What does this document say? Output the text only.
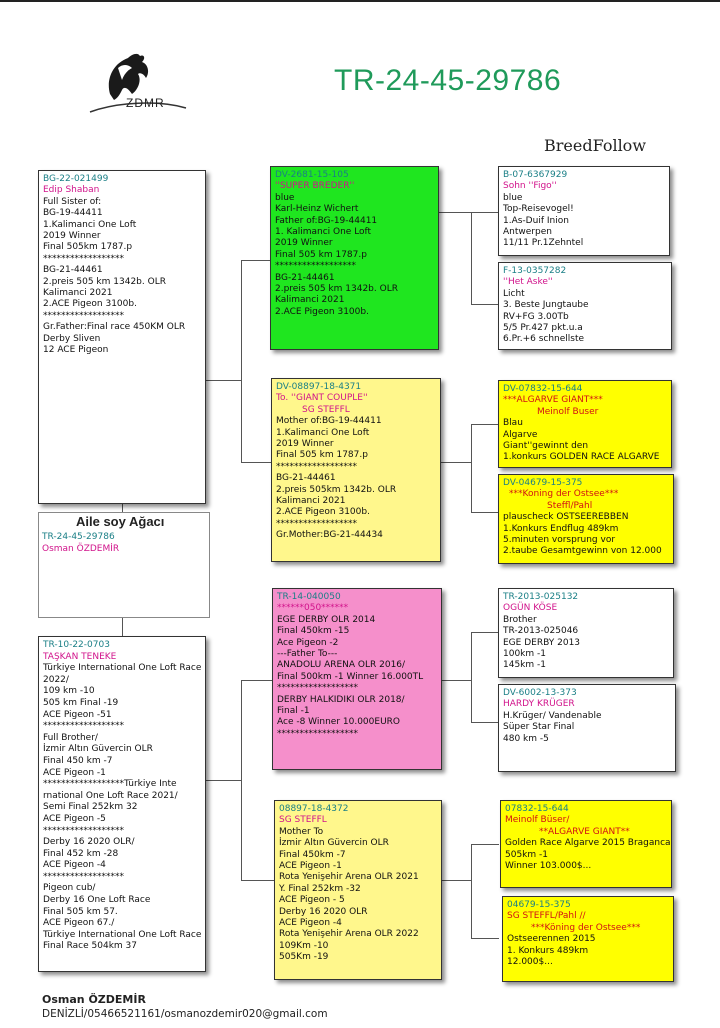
ZDMR
TR-24-45-29786
BreedFollow
BG-22-021499
Edip Shaban
Full Sister of:
BG-19-44411
1.Kalimanci One Loft
2019 Winner
Final 505km 1787.p
******************
BG-21-44461
2.preis 505 km 1342b. OLR
Kalimanci 2021
2.ACE Pigeon 3100b.
******************
Gr.Father:Final race 450KM OLR
Derby Sliven
12 ACE Pigeon
Aile soy Ağacı
TR-24-45-29786
Osman ÖZDEMİR
TR-10-22-0703
TAŞKAN TENEKE
Türkiye International One Loft Race
2022/
109 km -10
505 km Final -19
ACE Pigeon -51
******************
Full Brother/
İzmir Altın Güvercin OLR
Final 450 km -7
ACE Pigeon -1
******************Türkiye Inte
rnational One Loft Race 2021/
Semi Final 252km 32
ACE Pigeon -5
******************
Derby 16 2020 OLR/
Final 452 km -28
ACE Pigeon -4
******************
Pigeon cub/
Derby 16 One Loft Race
Final 505 km 57.
ACE Pigeon 67./
Türkiye International One Loft Race
Final Race 504km 37
DV-2681-15-105
''SUPER BREDER''
blue
Karl-Heinz Wichert
Father of:BG-19-44411
1. Kalimanci One Loft
2019 Winner
Final 505 km 1787.p
******************
BG-21-44461
2.preis 505 km 1342b. OLR
Kalimanci 2021
2.ACE Pigeon 3100b.
DV-08897-18-4371
To. ''GIANT COUPLE''
SG STEFFL
Mother of:BG-19-44411
1.Kalimanci One Loft
2019 Winner
Final 505 km 1787.p
******************
BG-21-44461
2.preis 505km 1342b. OLR
Kalimanci 2021
2.ACE Pigeon 3100b.
******************
Gr.Mother:BG-21-44434
TR-14-040050
******050******
EGE DERBY OLR 2014
Final 450km -15
Ace Pigeon -2
---Father To---
ANADOLU ARENA OLR 2016/
Final 500km -1 Winner 16.000TL
******************
DERBY HALKIDIKI OLR 2018/
Final -1
Ace -8 Winner 10.000EURO
******************
08897-18-4372
SG STEFFL
Mother To
İzmir Altın Güvercin OLR
Final 450km -7
ACE Pigeon -1
Rota Yenişehir Arena OLR 2021
Y. Final 252km -32
ACE Pigeon - 5
Derby 16 2020 OLR
ACE Pigeon -4
Rota Yenişehir Arena OLR 2022
109Km -10
505Km -19
B-07-6367929
Sohn ''Figo''
blue
Top-Reisevogel!
1.As-Duif Inion
Antwerpen
11/11 Pr.1Zehntel
F-13-0357282
''Het Aske''
Licht
3. Beste Jungtaube
RV+FG 3.00Tb
5/5 Pr.427 pkt.u.a
6.Pr.+6 schnellste
DV-07832-15-644
***ALGARVE GIANT***
Meinolf Buser
Blau
Algarve
Giant''gewinnt den
1.konkurs GOLDEN RACE ALGARVE
DV-04679-15-375
***Koning der Ostsee***
Steffl/Pahl
plauscheck OSTSEEREBBEN
1.Konkurs Endflug 489km
5.minuten vorsprung vor
2.taube Gesamtgewinn von 12.000
TR-2013-025132
OGÜN KÖSE
Brother
TR-2013-025046
EGE DERBY 2013
100km -1
145km -1
DV-6002-13-373
HARDY KRÜGER
H.Krüger/ Vandenable
Süper Star Final
480 km -5
07832-15-644
Meinolf Büser/
**ALGARVE GIANT**
Golden Race Algarve 2015 Braganca
505km -1
Winner 103.000$...
04679-15-375
SG STEFFL/Pahl //
***Köning der Ostsee***
Ostseerennen 2015
1. Konkurs 489km
12.000$...
Osman ÖZDEMİR
DENİZLİ/05466521161/osmanozdemir020@gmail.com
